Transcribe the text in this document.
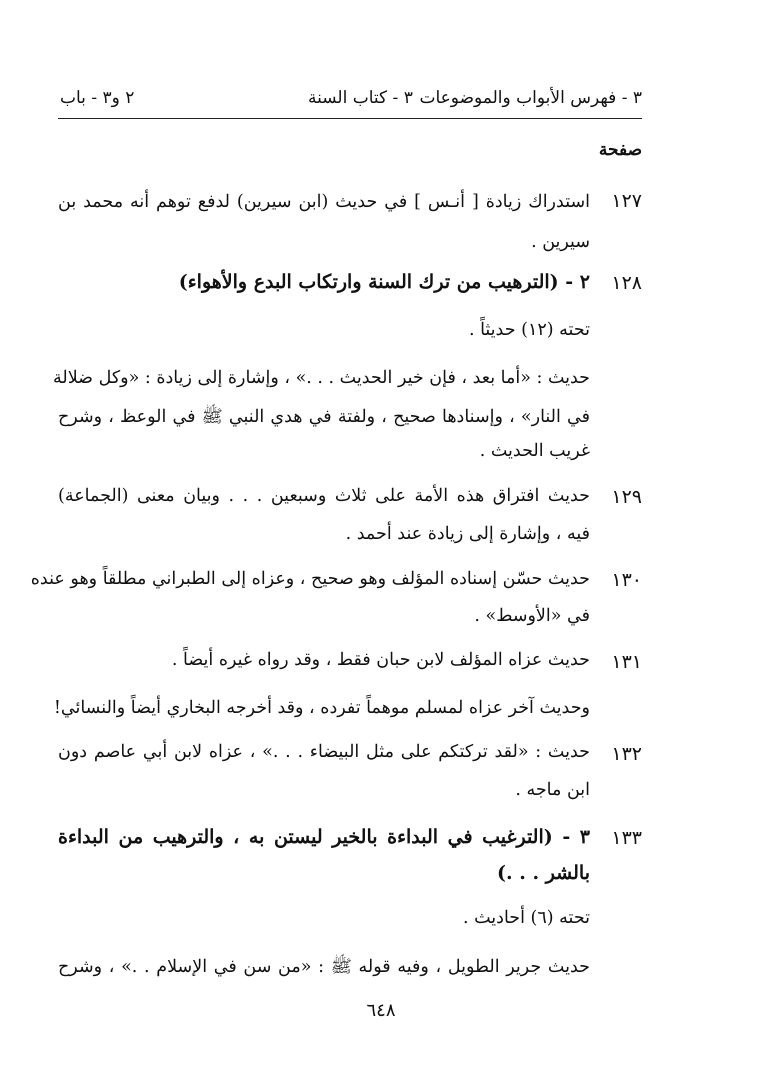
٣ - فهرس الأبواب والموضوعات
٣ - كتاب السنة
٢ و٣ - باب
صفحة
١٢٧
استدراك زيادة [ أنـس ] في حديث (ابن سيرين) لدفع توهم أنه محمد بن
سيرين .
١٢٨
٢ - (الترهيب من ترك السنة وارتكاب البدع والأهواء)
تحته (١٢) حديثاً .
حديث : «أما بعد ، فإن خير الحديث . . .» ، وإشارة إلى زيادة : «وكل ضلالة
في النار» ، وإسنادها صحيح ، ولفتة في هدي النبي ﷺ في الوعظ ، وشرح
غريب الحديث .
١٢٩
حديث افتراق هذه الأمة على ثلاث وسبعين . . . وبيان معنى (الجماعة)
فيه ، وإشارة إلى زيادة عند أحمد .
١٣٠
حديث حسّن إسناده المؤلف وهو صحيح ، وعزاه إلى الطبراني مطلقاً وهو عنده
في «الأوسط» .
١٣١
حديث عزاه المؤلف لابن حبان فقط ، وقد رواه غيره أيضاً .
وحديث آخر عزاه لمسلم موهماً تفرده ، وقد أخرجه البخاري أيضاً والنسائي!
١٣٢
حديث : «لقد تركتكم على مثل البيضاء . . .» ، عزاه لابن أبي عاصم دون
ابن ماجه .
١٣٣
٣ - (الترغيب في البداءة بالخير ليستن به ، والترهيب من البداءة
بالشر . . .)
تحته (٦) أحاديث .
حديث جرير الطويل ، وفيه قوله ﷺ : «من سن في الإسلام . .» ، وشرح
٦٤٨
